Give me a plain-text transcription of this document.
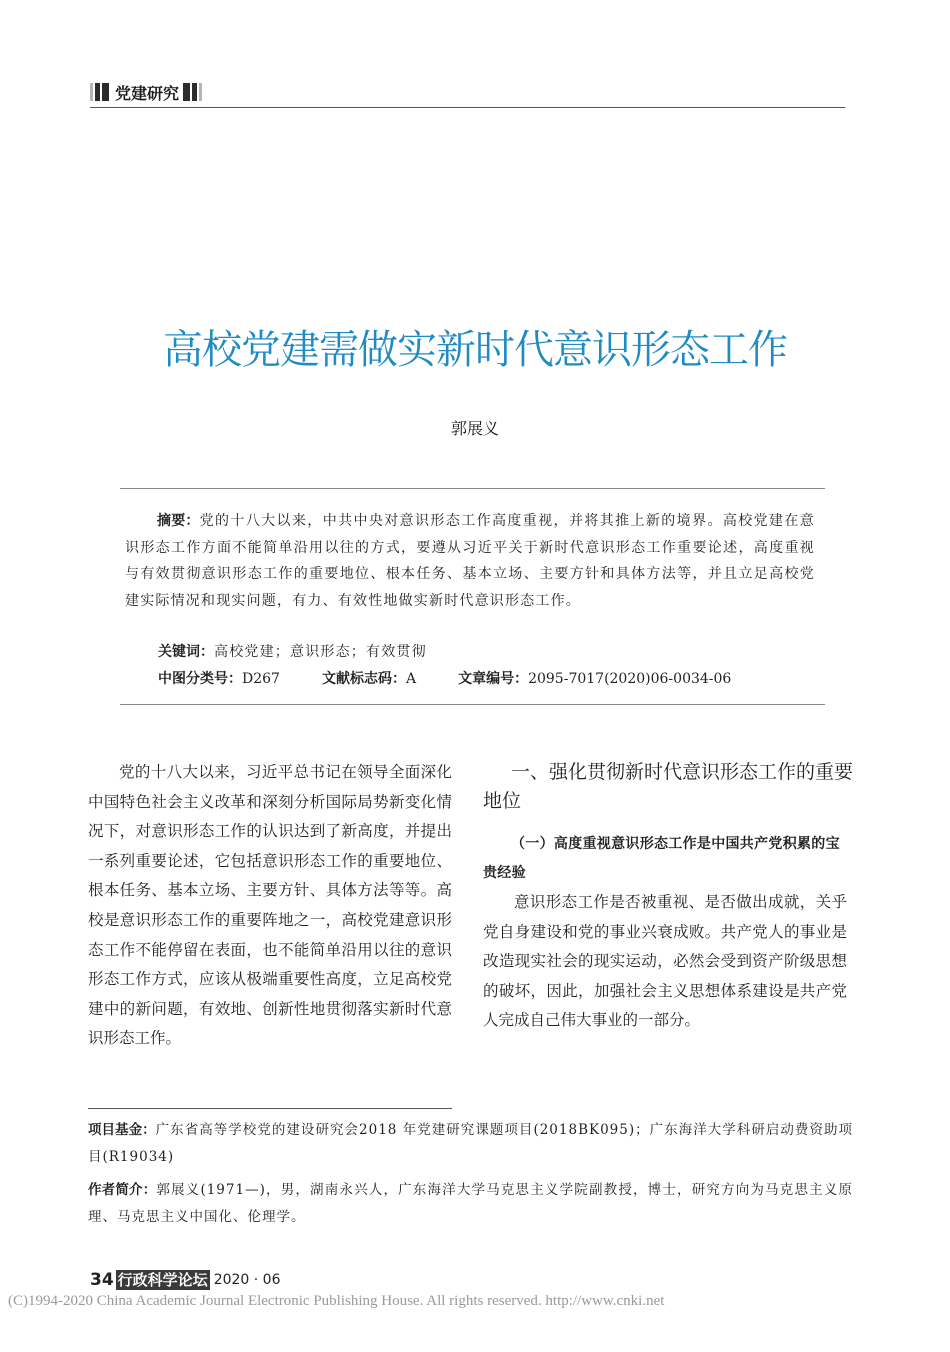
党建研究
高校党建需做实新时代意识形态工作
郭展义
摘要：党的十八大以来，中共中央对意识形态工作高度重视，并将其推上新的境界。高校党建在意识形态工作方面不能简单沿用以往的方式，要遵从习近平关于新时代意识形态工作重要论述，高度重视与有效贯彻意识形态工作的重要地位、根本任务、基本立场、主要方针和具体方法等，并且立足高校党建实际情况和现实问题，有力、有效性地做实新时代意识形态工作。
关键词：高校党建；意识形态；有效贯彻
中图分类号：D267	文献标志码：A	文章编号：2095-7017(2020)06-0034-06
党的十八大以来，习近平总书记在领导全面深化中国特色社会主义改革和深刻分析国际局势新变化情况下，对意识形态工作的认识达到了新高度，并提出一系列重要论述，它包括意识形态工作的重要地位、根本任务、基本立场、主要方针、具体方法等等。高校是意识形态工作的重要阵地之一，高校党建意识形态工作不能停留在表面，也不能简单沿用以往的意识形态工作方式，应该从极端重要性高度，立足高校党建中的新问题，有效地、创新性地贯彻落实新时代意识形态工作。
一、强化贯彻新时代意识形态工作的重要地位
（一）高度重视意识形态工作是中国共产党积累的宝贵经验
意识形态工作是否被重视、是否做出成就，关乎党自身建设和党的事业兴衰成败。共产党人的事业是改造现实社会的现实运动，必然会受到资产阶级思想的破坏，因此，加强社会主义思想体系建设是共产党人完成自己伟大事业的一部分。
项目基金：广东省高等学校党的建设研究会2018 年党建研究课题项目(2018BK095)；广东海洋大学科研启动费资助项目(R19034)
作者简介：郭展义(1971—)，男，湖南永兴人，广东海洋大学马克思主义学院副教授，博士，研究方向为马克思主义原理、马克思主义中国化、伦理学。
34 行政科学论坛 2020 · 06
(C)1994-2020 China Academic Journal Electronic Publishing House. All rights reserved. http://www.cnki.net
